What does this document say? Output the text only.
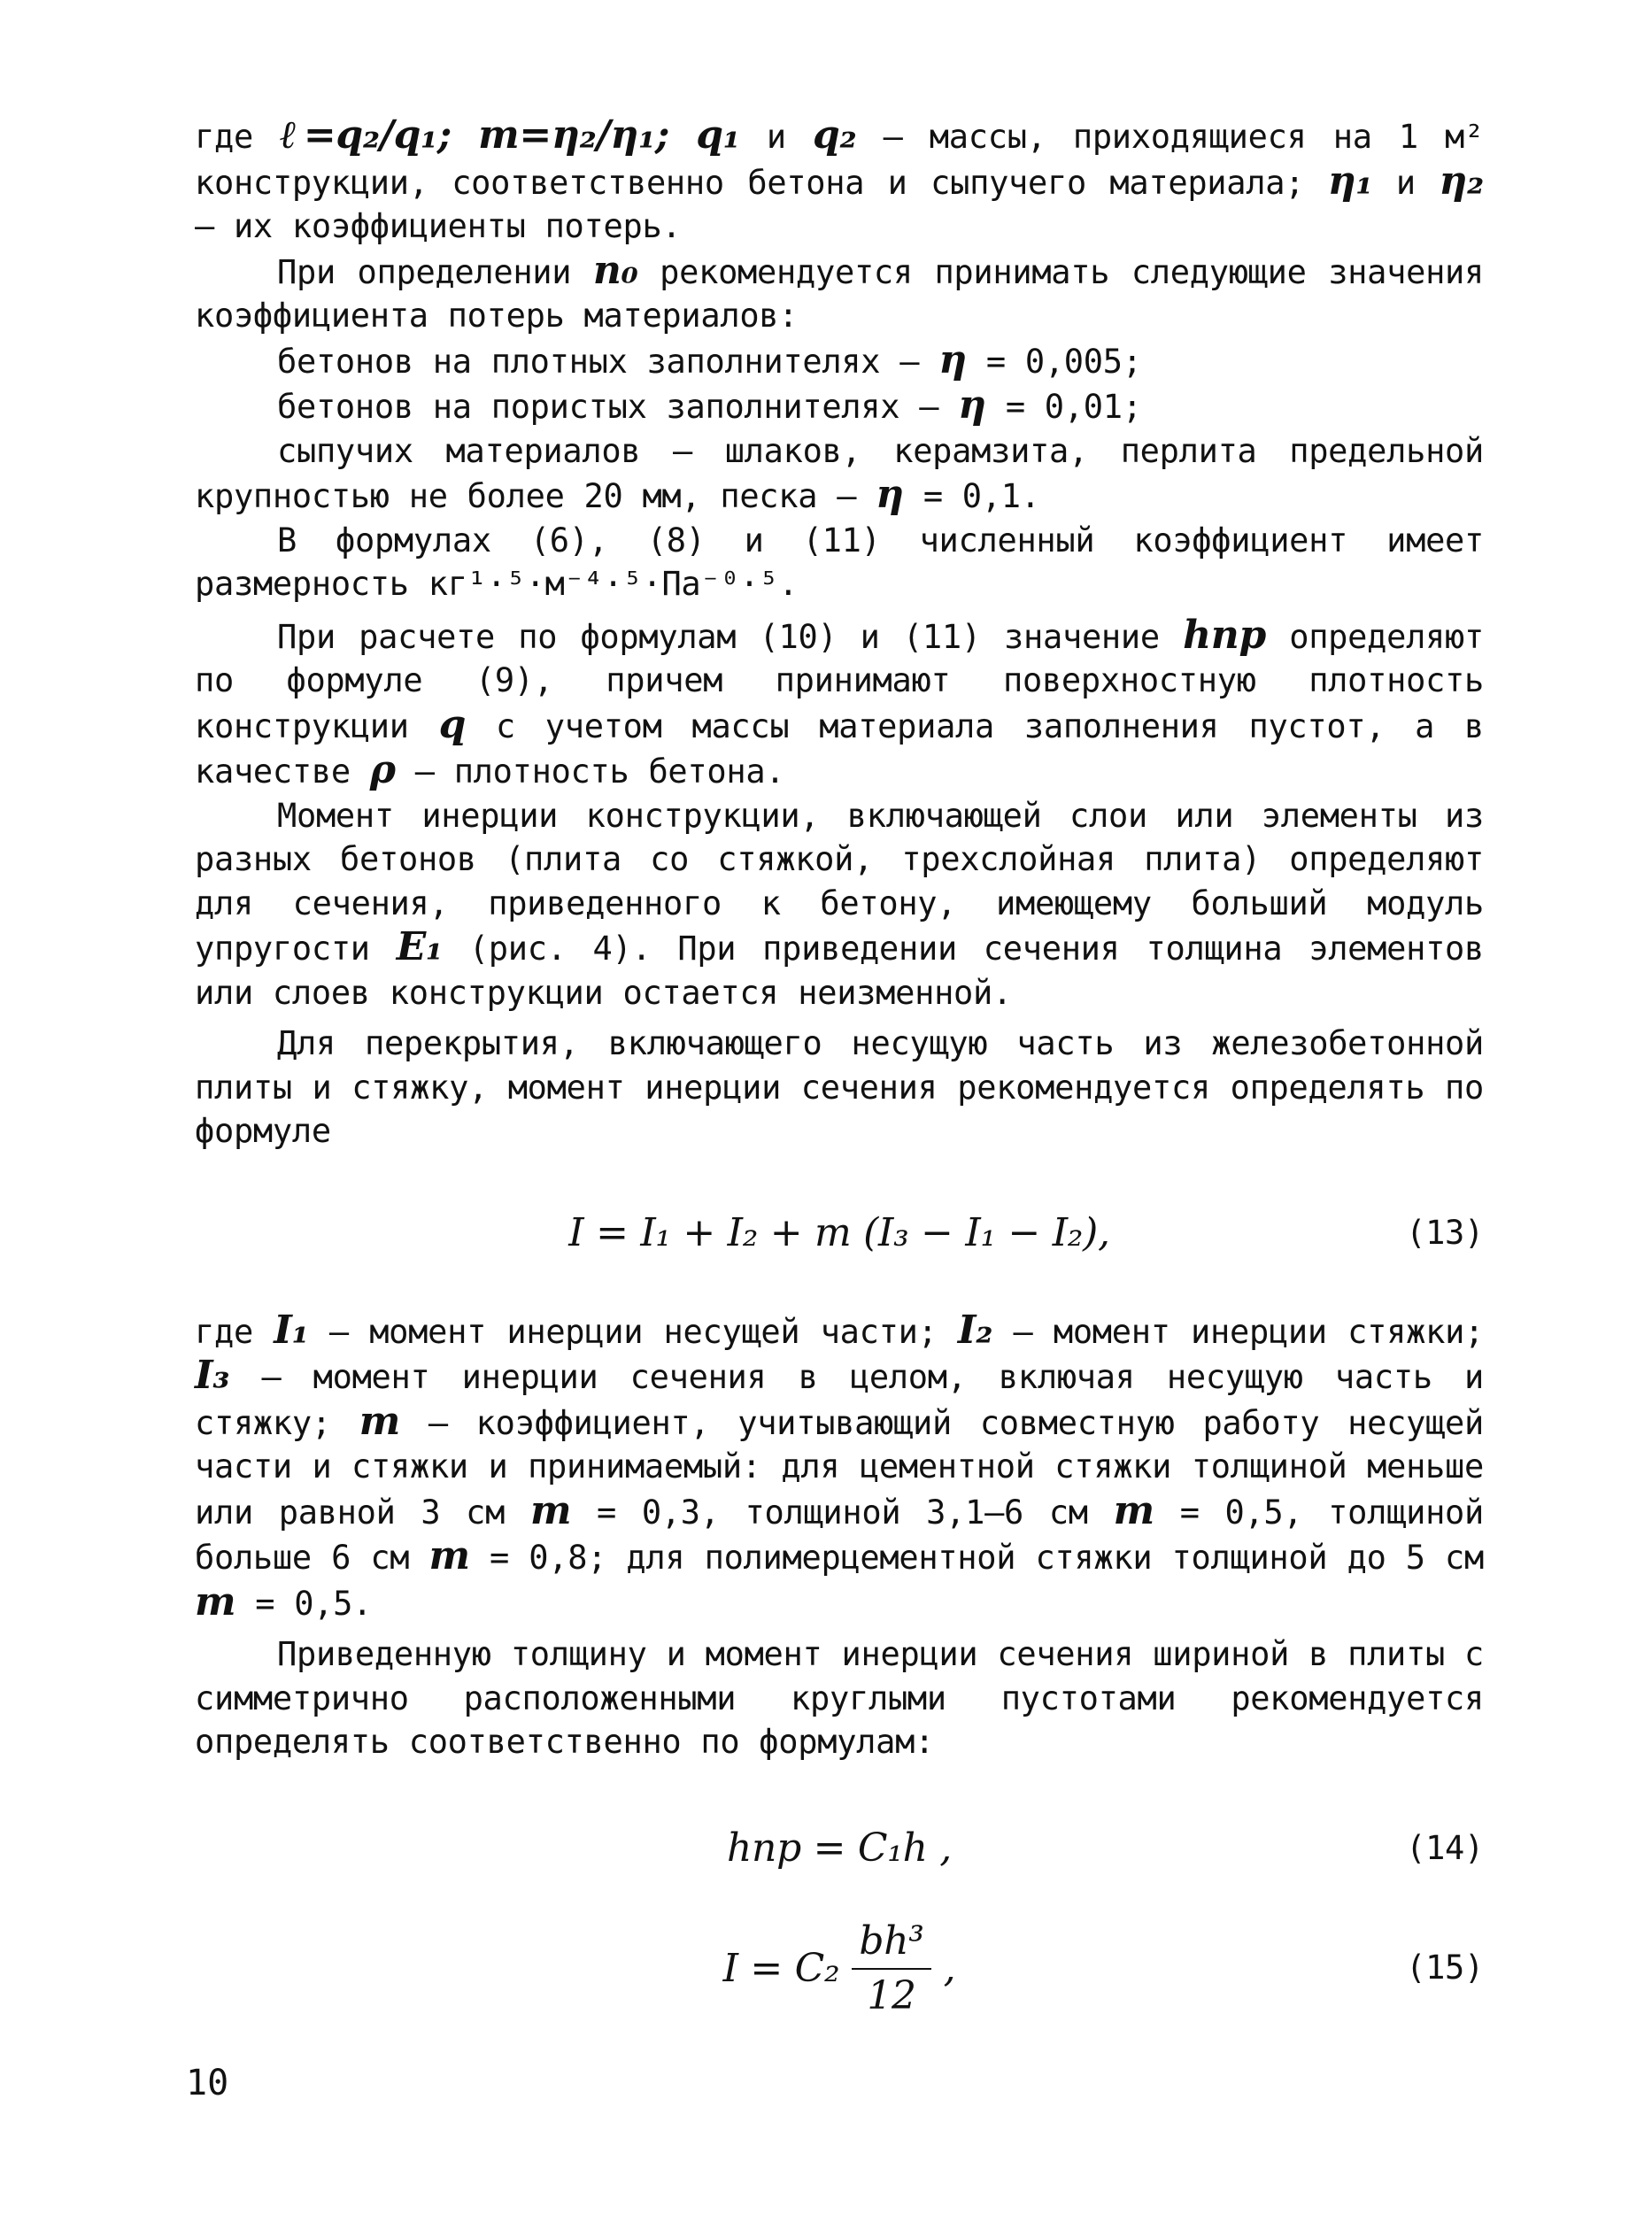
где ℓ=q₂/q₁; m=η₂/η₁; q₁ и q₂ – массы, приходящиеся на 1 м² конструкции, соответственно бетона и сыпучего материала; η₁ и η₂ – их коэффициенты потерь.

При определении n₀ рекомендуется принимать следующие значения коэффициента потерь материалов:

бетонов на плотных заполнителях – η = 0,005;

бетонов на пористых заполнителях – η = 0,01;

сыпучих материалов – шлаков, керамзита, перлита предельной крупностью не более 20 мм, песка – η = 0,1.

В формулах (6), (8) и (11) численный коэффициент имеет размерность кг¹·⁵·м⁻⁴·⁵·Па⁻⁰·⁵.

При расчете по формулам (10) и (11) значение hпр определяют по формуле (9), причем принимают поверхностную плотность конструкции q с учетом массы материала заполнения пустот, а в качестве ρ – плотность бетона.

Момент инерции конструкции, включающей слои или элементы из разных бетонов (плита со стяжкой, трехслойная плита) определяют для сечения, приведенного к бетону, имеющему больший модуль упругости E₁ (рис. 4). При приведении сечения толщина элементов или слоев конструкции остается неизменной.

Для перекрытия, включающего несущую часть из железобетонной плиты и стяжку, момент инерции сечения рекомендуется определять по формуле

I = I₁ + I₂ + m (I₃ − I₁ − I₂),	(13)

где I₁ – момент инерции несущей части; I₂ – момент инерции стяжки; I₃ – момент инерции сечения в целом, включая несущую часть и стяжку; m – коэффициент, учитывающий совместную работу несущей части и стяжки и принимаемый: для цементной стяжки толщиной меньше или равной 3 см m = 0,3, толщиной 3,1–6 см m = 0,5, толщиной больше 6 см m = 0,8; для полимерцементной стяжки толщиной до 5 см m = 0,5.

Приведенную толщину и момент инерции сечения шириной в плиты с симметрично расположенными круглыми пустотами рекомендуется определять соответственно по формулам:

hпр = C₁h ,	(14)
$I = C_2 \frac{\text{bh³}}{12}$ ,	(15)
10
